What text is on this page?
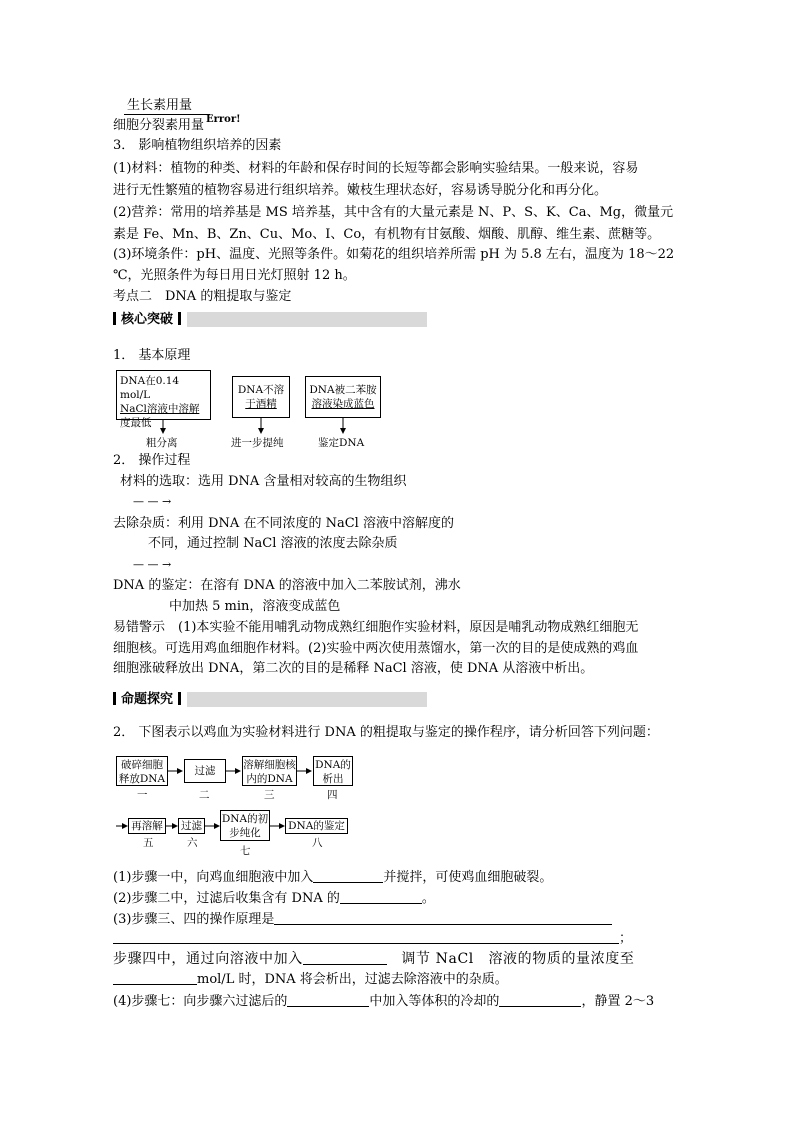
生长素用量
细胞分裂素用量 $^{Error!}$
3． 影响植物组织培养的因素
(1)材料：植物的种类、材料的年龄和保存时间的长短等都会影响实验结果。一般来说，容易
进行无性繁殖的植物容易进行组织培养。嫩枝生理状态好，容易诱导脱分化和再分化。
(2)营养：常用的培养基是 MS 培养基，其中含有的大量元素是 N、P、S、K、Ca、Mg，微量元
素是 Fe、Mn、B、Zn、Cu、Mo、I、Co，有机物有甘氨酸、烟酸、肌醇、维生素、蔗糖等。
(3)环境条件：pH、温度、光照等条件。如菊花的组织培养所需 pH 为 5.8 左右，温度为 18～22
℃，光照条件为每日用日光灯照射 12 h。
考点二　DNA 的粗提取与鉴定
核心突破
1． 基本原理
DNA在0.14 mol/L
NaCl溶液中溶解
度最低
DNA不溶
于酒精
DNA被二苯胺
溶液染成蓝色
粗分离	进一步提纯	鉴定DNA
2． 操作过程
材料的选取：选用 DNA 含量相对较高的生物组织
— — →
去除杂质：利用 DNA 在不同浓度的 NaCl 溶液中溶解度的
不同，通过控制 NaCl 溶液的浓度去除杂质
— — →
DNA 的鉴定：在溶有 DNA 的溶液中加入二苯胺试剂，沸水
中加热 5 min，溶液变成蓝色
易错警示　(1)本实验不能用哺乳动物成熟红细胞作实验材料，原因是哺乳动物成熟红细胞无
细胞核。可选用鸡血细胞作材料。(2)实验中两次使用蒸馏水，第一次的目的是使成熟的鸡血
细胞涨破释放出 DNA，第二次的目的是稀释 NaCl 溶液，使 DNA 从溶液中析出。
命题探究
2． 下图表示以鸡血为实验材料进行 DNA 的粗提取与鉴定的操作程序，请分析回答下列问题：
破碎细胞
释放DNA
过滤	溶解细胞核
内的DNA
DNA的
析出
一	二	三	四
再溶解	过滤
DNA的初
步纯化
DNA的鉴定
五	六
七
八
(1)步骤一中，向鸡血细胞液中加入	并搅拌，可使鸡血细胞破裂。
(2)步骤二中，过滤后收集含有 DNA 的	。
(3)步骤三、四的操作原理是
；
步骤四中，通过向溶液中加入　	调节 NaCl　溶液的物质的量浓度至
mol/L 时，DNA 将会析出，过滤去除溶液中的杂质。
(4)步骤七：向步骤六过滤后的	中加入等体积的冷却的	，静置 2～3
